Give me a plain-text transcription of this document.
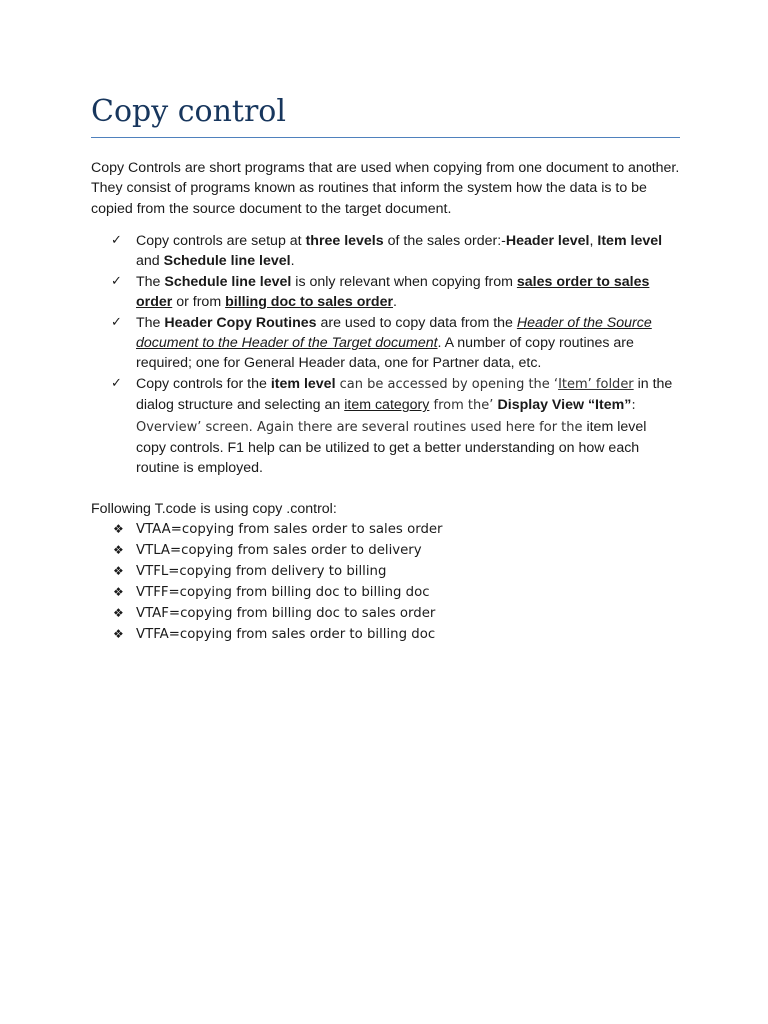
Copy control

Copy Controls are short programs that are used when copying from one document to another. They consist of programs known as routines that inform the system how the data is to be copied from the source document to the target document.

✓ Copy controls are setup at three levels of the sales order:-Header level, Item level and Schedule line level.
✓ The Schedule line level is only relevant when copying from sales order to sales order or from billing doc to sales order.
✓ The Header Copy Routines are used to copy data from the Header of the Source document to the Header of the Target document. A number of copy routines are required; one for General Header data, one for Partner data, etc.
✓ Copy controls for the item level can be accessed by opening the ‘Item’ folder in the dialog structure and selecting an item category from the’ Display View “Item”: Overview’ screen. Again there are several routines used here for the item level copy controls. F1 help can be utilized to get a better understanding on how each routine is employed.

Following T.code is using copy .control:

❖ VTAA=copying from sales order to sales order
❖ VTLA=copying from sales order to delivery
❖ VTFL=copying from delivery to billing
❖ VTFF=copying from billing doc to billing doc
❖ VTAF=copying from billing doc to sales order
❖ VTFA=copying from sales order to billing doc
